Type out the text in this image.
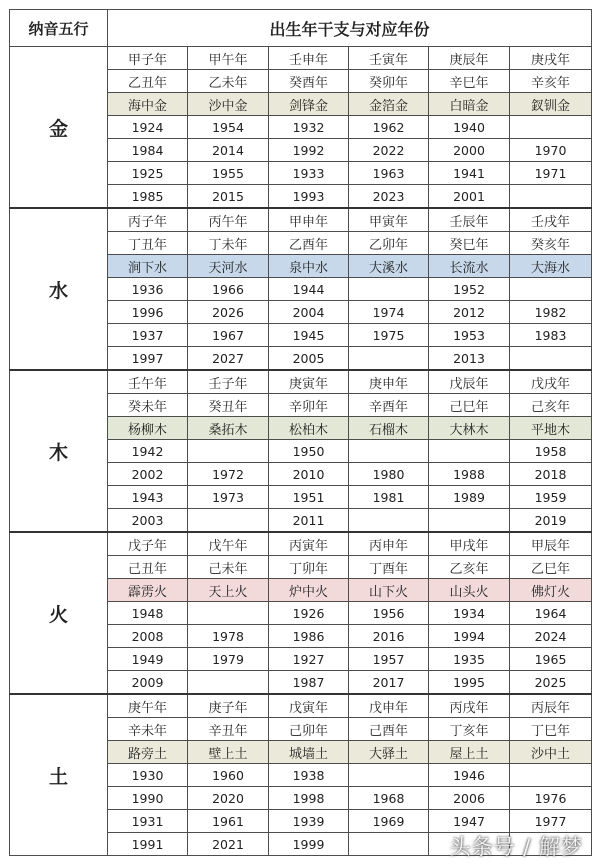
纳音五行	出生年干支与对应年份					
金	甲子年	甲午年	壬申年	壬寅年	庚辰年	庚戌年
	乙丑年	乙未年	癸酉年	癸卯年	辛巳年	辛亥年
	海中金	沙中金	剑锋金	金箔金	白暗金	釵钏金
	1924	1954	1932	1962	1940	
	1984	2014	1992	2022	2000	1970
	1925	1955	1933	1963	1941	1971
	1985	2015	1993	2023	2001	
水	丙子年	丙午年	甲申年	甲寅年	壬辰年	壬戌年
	丁丑年	丁未年	乙酉年	乙卯年	癸巳年	癸亥年
	涧下水	天河水	泉中水	大溪水	长流水	大海水
	1936	1966	1944		1952	
	1996	2026	2004	1974	2012	1982
	1937	1967	1945	1975	1953	1983
	1997	2027	2005		2013	
木	壬午年	壬子年	庚寅年	庚申年	戊辰年	戊戌年
	癸未年	癸丑年	辛卯年	辛酉年	己巳年	己亥年
	杨柳木	桑拓木	松柏木	石榴木	大林木	平地木
	1942		1950			1958
	2002	1972	2010	1980	1988	2018
	1943	1973	1951	1981	1989	1959
	2003		2011			2019
火	戊子年	戊午年	丙寅年	丙申年	甲戌年	甲辰年
	己丑年	己未年	丁卯年	丁酉年	乙亥年	乙巳年
	霹雳火	天上火	炉中火	山下火	山头火	佛灯火
	1948		1926	1956	1934	1964
	2008	1978	1986	2016	1994	2024
	1949	1979	1927	1957	1935	1965
	2009		1987	2017	1995	2025
土	庚午年	庚子年	戊寅年	戊申年	丙戌年	丙辰年
	辛未年	辛丑年	己卯年	己酉年	丁亥年	丁巳年
	路旁土	壁上土	城墙土	大驿土	屋上土	沙中土
	1930	1960	1938		1946	
	1990	2020	1998	1968	2006	1976
	1931	1961	1939	1969	1947	1977
	1991	2021	1999				头条号 / 解梦
